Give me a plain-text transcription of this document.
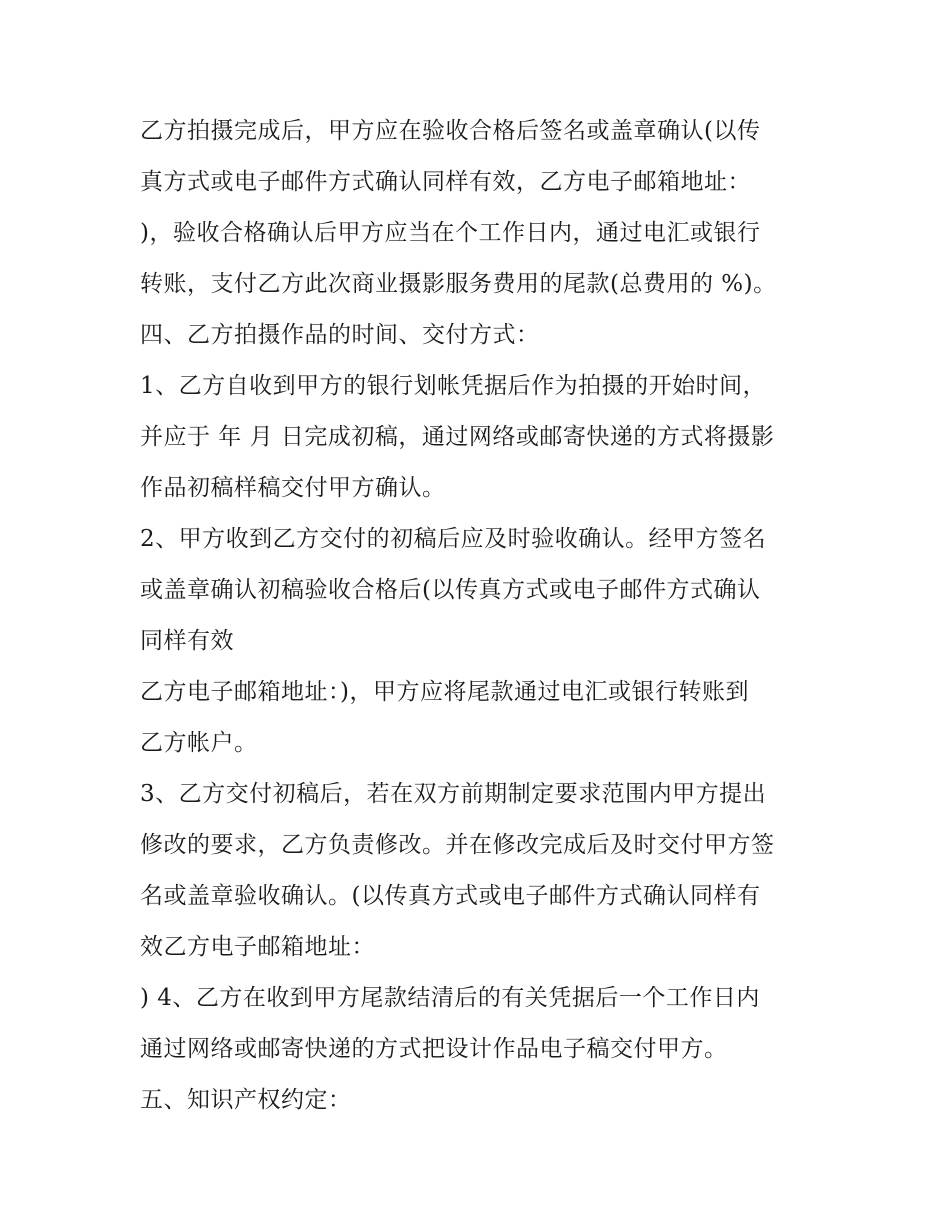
乙方拍摄完成后，甲方应在验收合格后签名或盖章确认(以传
真方式或电子邮件方式确认同样有效，乙方电子邮箱地址：
)，验收合格确认后甲方应当在个工作日内，通过电汇或银行
转账，支付乙方此次商业摄影服务费用的尾款(总费用的 %)。
四、乙方拍摄作品的时间、交付方式：
1、乙方自收到甲方的银行划帐凭据后作为拍摄的开始时间，
并应于 年 月 日完成初稿，通过网络或邮寄快递的方式将摄影
作品初稿样稿交付甲方确认。
2、甲方收到乙方交付的初稿后应及时验收确认。经甲方签名
或盖章确认初稿验收合格后(以传真方式或电子邮件方式确认
同样有效
乙方电子邮箱地址：)，甲方应将尾款通过电汇或银行转账到
乙方帐户。
3、乙方交付初稿后，若在双方前期制定要求范围内甲方提出
修改的要求，乙方负责修改。并在修改完成后及时交付甲方签
名或盖章验收确认。(以传真方式或电子邮件方式确认同样有
效乙方电子邮箱地址：
) 4、乙方在收到甲方尾款结清后的有关凭据后一个工作日内
通过网络或邮寄快递的方式把设计作品电子稿交付甲方。
五、知识产权约定：
